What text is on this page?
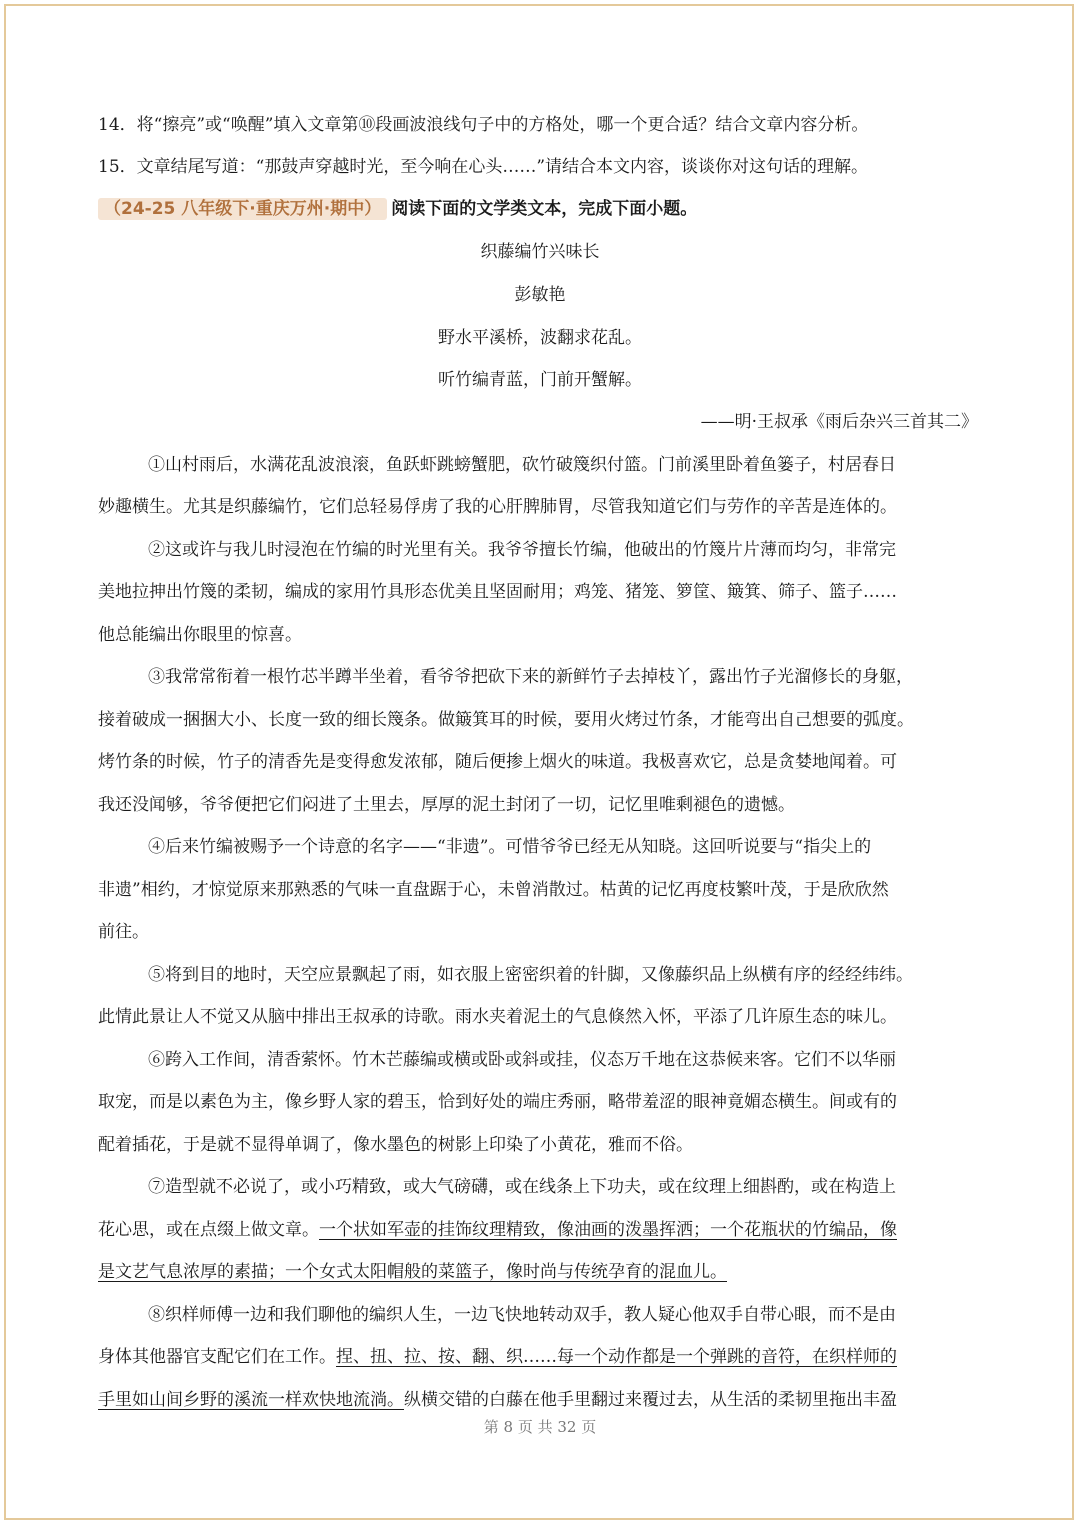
14．将“擦亮”或“唤醒”填入文章第⑩段画波浪线句子中的方格处，哪一个更合适？结合文章内容分析。
15．文章结尾写道：“那鼓声穿越时光，至今响在心头……”请结合本文内容，谈谈你对这句话的理解。
（24-25 八年级下·重庆万州·期中） 阅读下面的文学类文本，完成下面小题。
织藤编竹兴味长
彭敏艳
野水平溪桥，波翻求花乱。
听竹编青蓝，门前开蟹解。
——明·王叔承《雨后杂兴三首其二》
①山村雨后，水满花乱波浪滚，鱼跃虾跳螃蟹肥，砍竹破篾织付篮。门前溪里卧着鱼篓子，村居春日
妙趣横生。尤其是织藤编竹，它们总轻易俘虏了我的心肝脾肺胃，尽管我知道它们与劳作的辛苦是连体的。
②这或许与我儿时浸泡在竹编的时光里有关。我爷爷擅长竹编，他破出的竹篾片片薄而均匀，非常完
美地拉抻出竹篾的柔韧，编成的家用竹具形态优美且坚固耐用；鸡笼、猪笼、箩筐、簸箕、筛子、篮子……
他总能编出你眼里的惊喜。
③我常常衔着一根竹芯半蹲半坐着，看爷爷把砍下来的新鲜竹子去掉枝丫，露出竹子光溜修长的身躯，
接着破成一捆捆大小、长度一致的细长篾条。做簸箕耳的时候，要用火烤过竹条，才能弯出自己想要的弧度。
烤竹条的时候，竹子的清香先是变得愈发浓郁，随后便掺上烟火的味道。我极喜欢它，总是贪婪地闻着。可
我还没闻够，爷爷便把它们闷进了土里去，厚厚的泥土封闭了一切，记忆里唯剩褪色的遗憾。
④后来竹编被赐予一个诗意的名字——“非遗”。可惜爷爷已经无从知晓。这回听说要与“指尖上的
非遗”相约，才惊觉原来那熟悉的气味一直盘踞于心，未曾消散过。枯黄的记忆再度枝繁叶茂，于是欣欣然
前往。
⑤将到目的地时，天空应景飘起了雨，如衣服上密密织着的针脚，又像藤织品上纵横有序的经经纬纬。
此情此景让人不觉又从脑中排出王叔承的诗歌。雨水夹着泥土的气息倏然入怀，平添了几许原生态的味儿。
⑥跨入工作间，清香萦怀。竹木芒藤编或横或卧或斜或挂，仪态万千地在这恭候来客。它们不以华丽
取宠，而是以素色为主，像乡野人家的碧玉，恰到好处的端庄秀丽，略带羞涩的眼神竟媚态横生。间或有的
配着插花，于是就不显得单调了，像水墨色的树影上印染了小黄花，雅而不俗。
⑦造型就不必说了，或小巧精致，或大气磅礴，或在线条上下功夫，或在纹理上细斟酌，或在构造上
花心思，或在点缀上做文章。一个状如军壶的挂饰纹理精致，像油画的泼墨挥洒；一个花瓶状的竹编品，像
是文艺气息浓厚的素描；一个女式太阳帽般的菜篮子，像时尚与传统孕育的混血儿。
⑧织样师傅一边和我们聊他的编织人生，一边飞快地转动双手，教人疑心他双手自带心眼，而不是由
身体其他器官支配它们在工作。捏、扭、拉、按、翻、织……每一个动作都是一个弹跳的音符，在织样师的
手里如山间乡野的溪流一样欢快地流淌。纵横交错的白藤在他手里翻过来覆过去，从生活的柔韧里拖出丰盈
第 8 页 共 32 页
